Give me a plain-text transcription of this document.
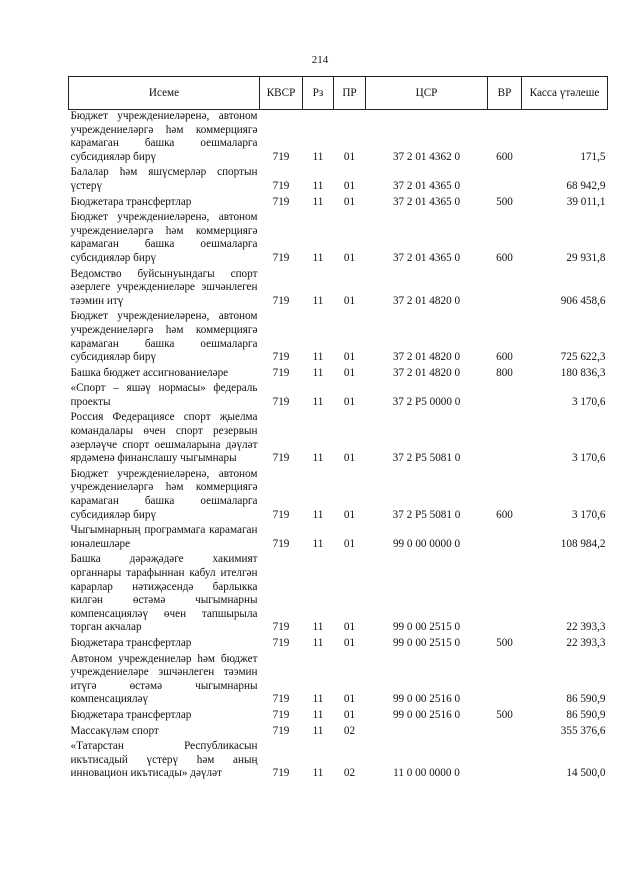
214
Исеме	КВСР	Рз	ПР	ЦСР	ВР	Касса үтәлеше
Бюджет учреждениеләренә, автоном учреждениеләргә һәм коммерциягә карамаган башка оешмаларга субсидияләр бирү	719	11	01	37 2 01 4362 0	600	171,5
Балалар һәм яшүсмерләр спортын үстерү	719	11	01	37 2 01 4365 0		68 942,9
Бюджетара трансфертлар	719	11	01	37 2 01 4365 0	500	39 011,1
Бюджет учреждениеләренә, автоном учреждениеләргә һәм коммерциягә карамаган башка оешмаларга субсидияләр бирү	719	11	01	37 2 01 4365 0	600	29 931,8
Ведомство буйсынуындагы спорт әзерлеге учреждениеләре эшчәнлеген тәэмин итү	719	11	01	37 2 01 4820 0		906 458,6
Бюджет учреждениеләренә, автоном учреждениеләргә һәм коммерциягә карамаган башка оешмаларга субсидияләр бирү	719	11	01	37 2 01 4820 0	600	725 622,3
Башка бюджет ассигнованиеләре	719	11	01	37 2 01 4820 0	800	180 836,3
«Спорт – яшәү нормасы» федераль проекты	719	11	01	37 2 P5 0000 0		3 170,6
Россия Федерациясе спорт җыелма командалары өчен спорт резервын әзерләүче спорт оешмаларына дәүләт ярдәменә финанслашу чыгымнары	719	11	01	37 2 P5 5081 0		3 170,6
Бюджет учреждениеләренә, автоном учреждениеләргә һәм коммерциягә карамаган башка оешмаларга субсидияләр бирү	719	11	01	37 2 P5 5081 0	600	3 170,6
Чыгымнарның программага карамаган юнәлешләре	719	11	01	99 0 00 0000 0		108 984,2
Башка дәрәҗәдәге хакимият органнары тарафыннан кабул ителгән карарлар нәтиҗәсендә барлыкка килгән өстәмә чыгымнарны компенсацияләү өчен тапшырыла торган акчалар	719	11	01	99 0 00 2515 0		22 393,3
Бюджетара трансфертлар	719	11	01	99 0 00 2515 0	500	22 393,3
Автоном учреждениеләр һәм бюджет учреждениеләре эшчәнлеген тәэмин итүгә өстәмә чыгымнарны компенсацияләү	719	11	01	99 0 00 2516 0		86 590,9
Бюджетара трансфертлар	719	11	01	99 0 00 2516 0	500	86 590,9
Массакүләм спорт	719	11	02			355 376,6
«Татарстан Республикасын икътисадый үстерү һәм аның инновацион икътисады» дәүләт	719	11	02	11 0 00 0000 0		14 500,0
